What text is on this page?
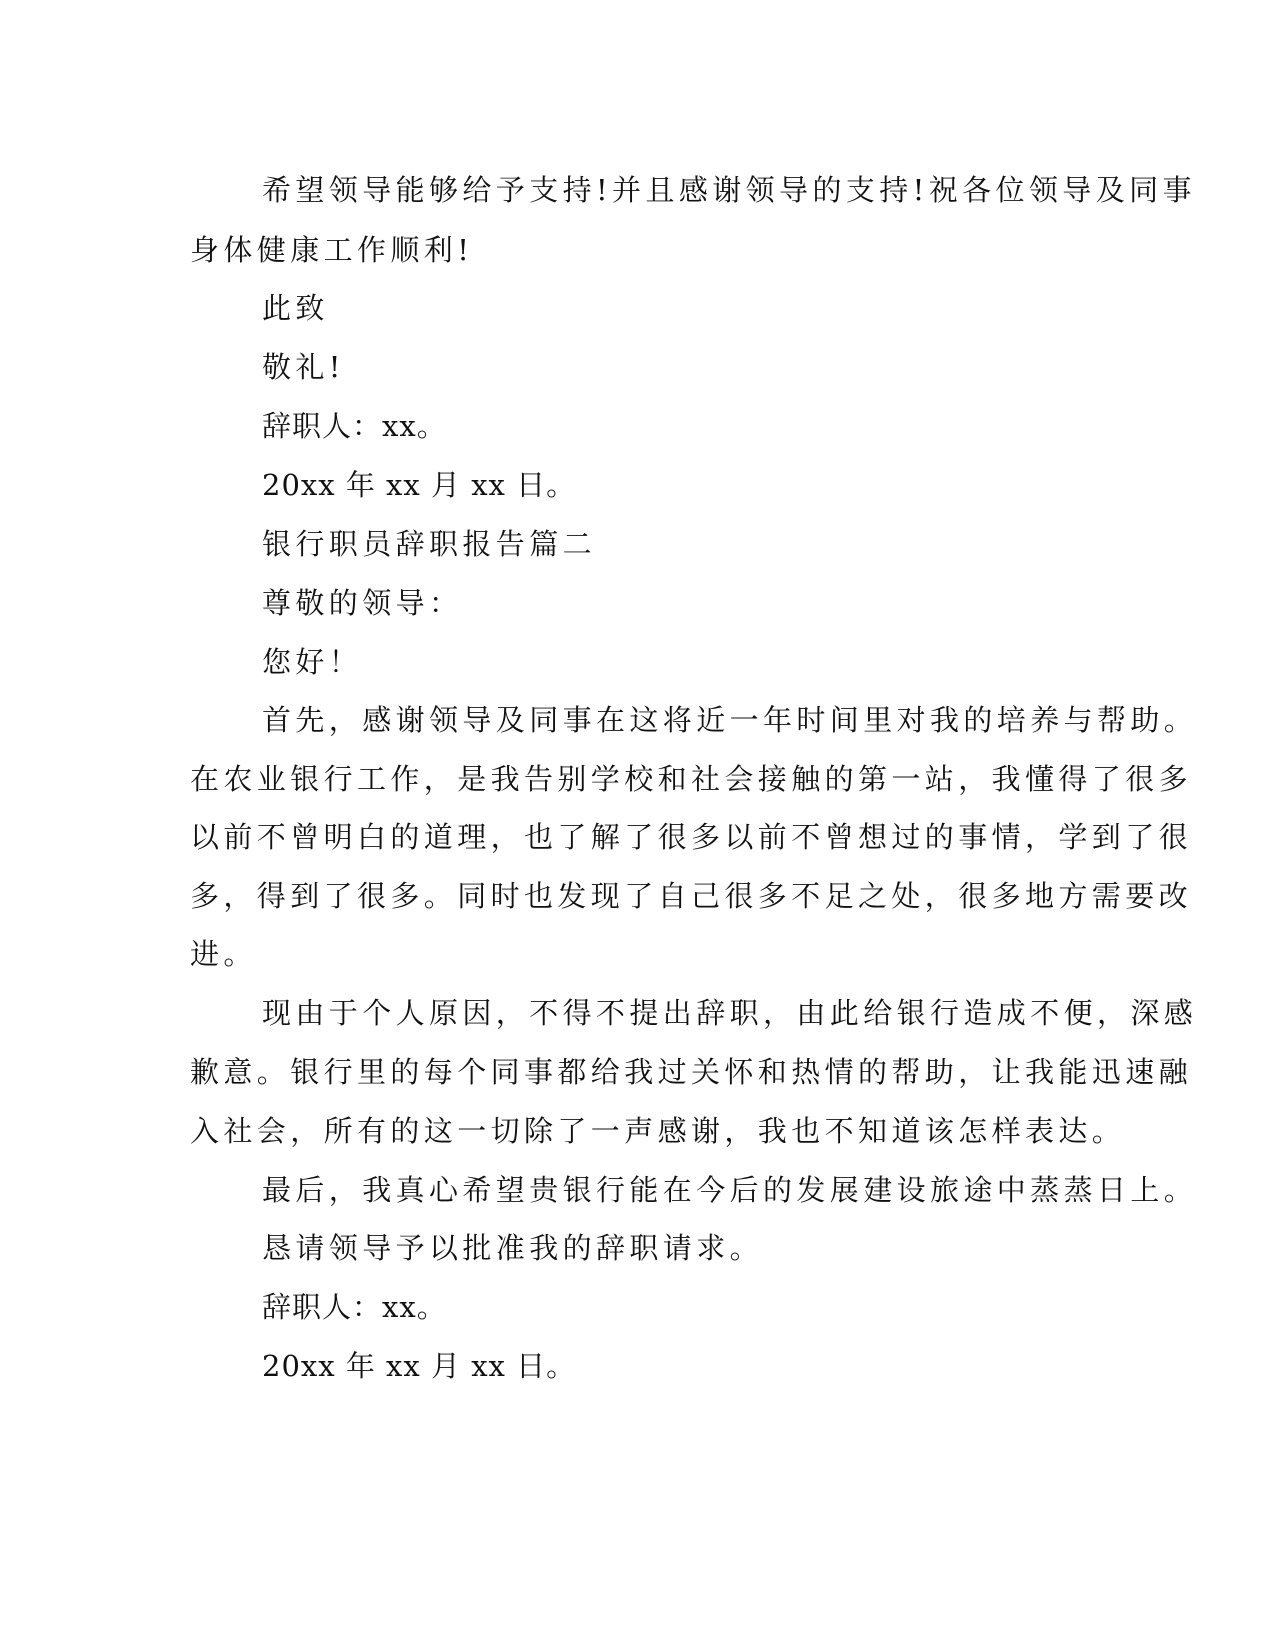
希望领导能够给予支持!并且感谢领导的支持!祝各位领导及同事
身体健康工作顺利!
此致
敬礼!
辞职人：xx。
20xx 年 xx 月 xx 日。
银行职员辞职报告篇二
尊敬的领导：
您好！
首先，感谢领导及同事在这将近一年时间里对我的培养与帮助。
在农业银行工作，是我告别学校和社会接触的第一站，我懂得了很多
以前不曾明白的道理，也了解了很多以前不曾想过的事情，学到了很
多，得到了很多。同时也发现了自己很多不足之处，很多地方需要改
进。
现由于个人原因，不得不提出辞职，由此给银行造成不便，深感
歉意。银行里的每个同事都给我过关怀和热情的帮助，让我能迅速融
入社会，所有的这一切除了一声感谢，我也不知道该怎样表达。
最后，我真心希望贵银行能在今后的发展建设旅途中蒸蒸日上。
恳请领导予以批准我的辞职请求。
辞职人：xx。
20xx 年 xx 月 xx 日。
